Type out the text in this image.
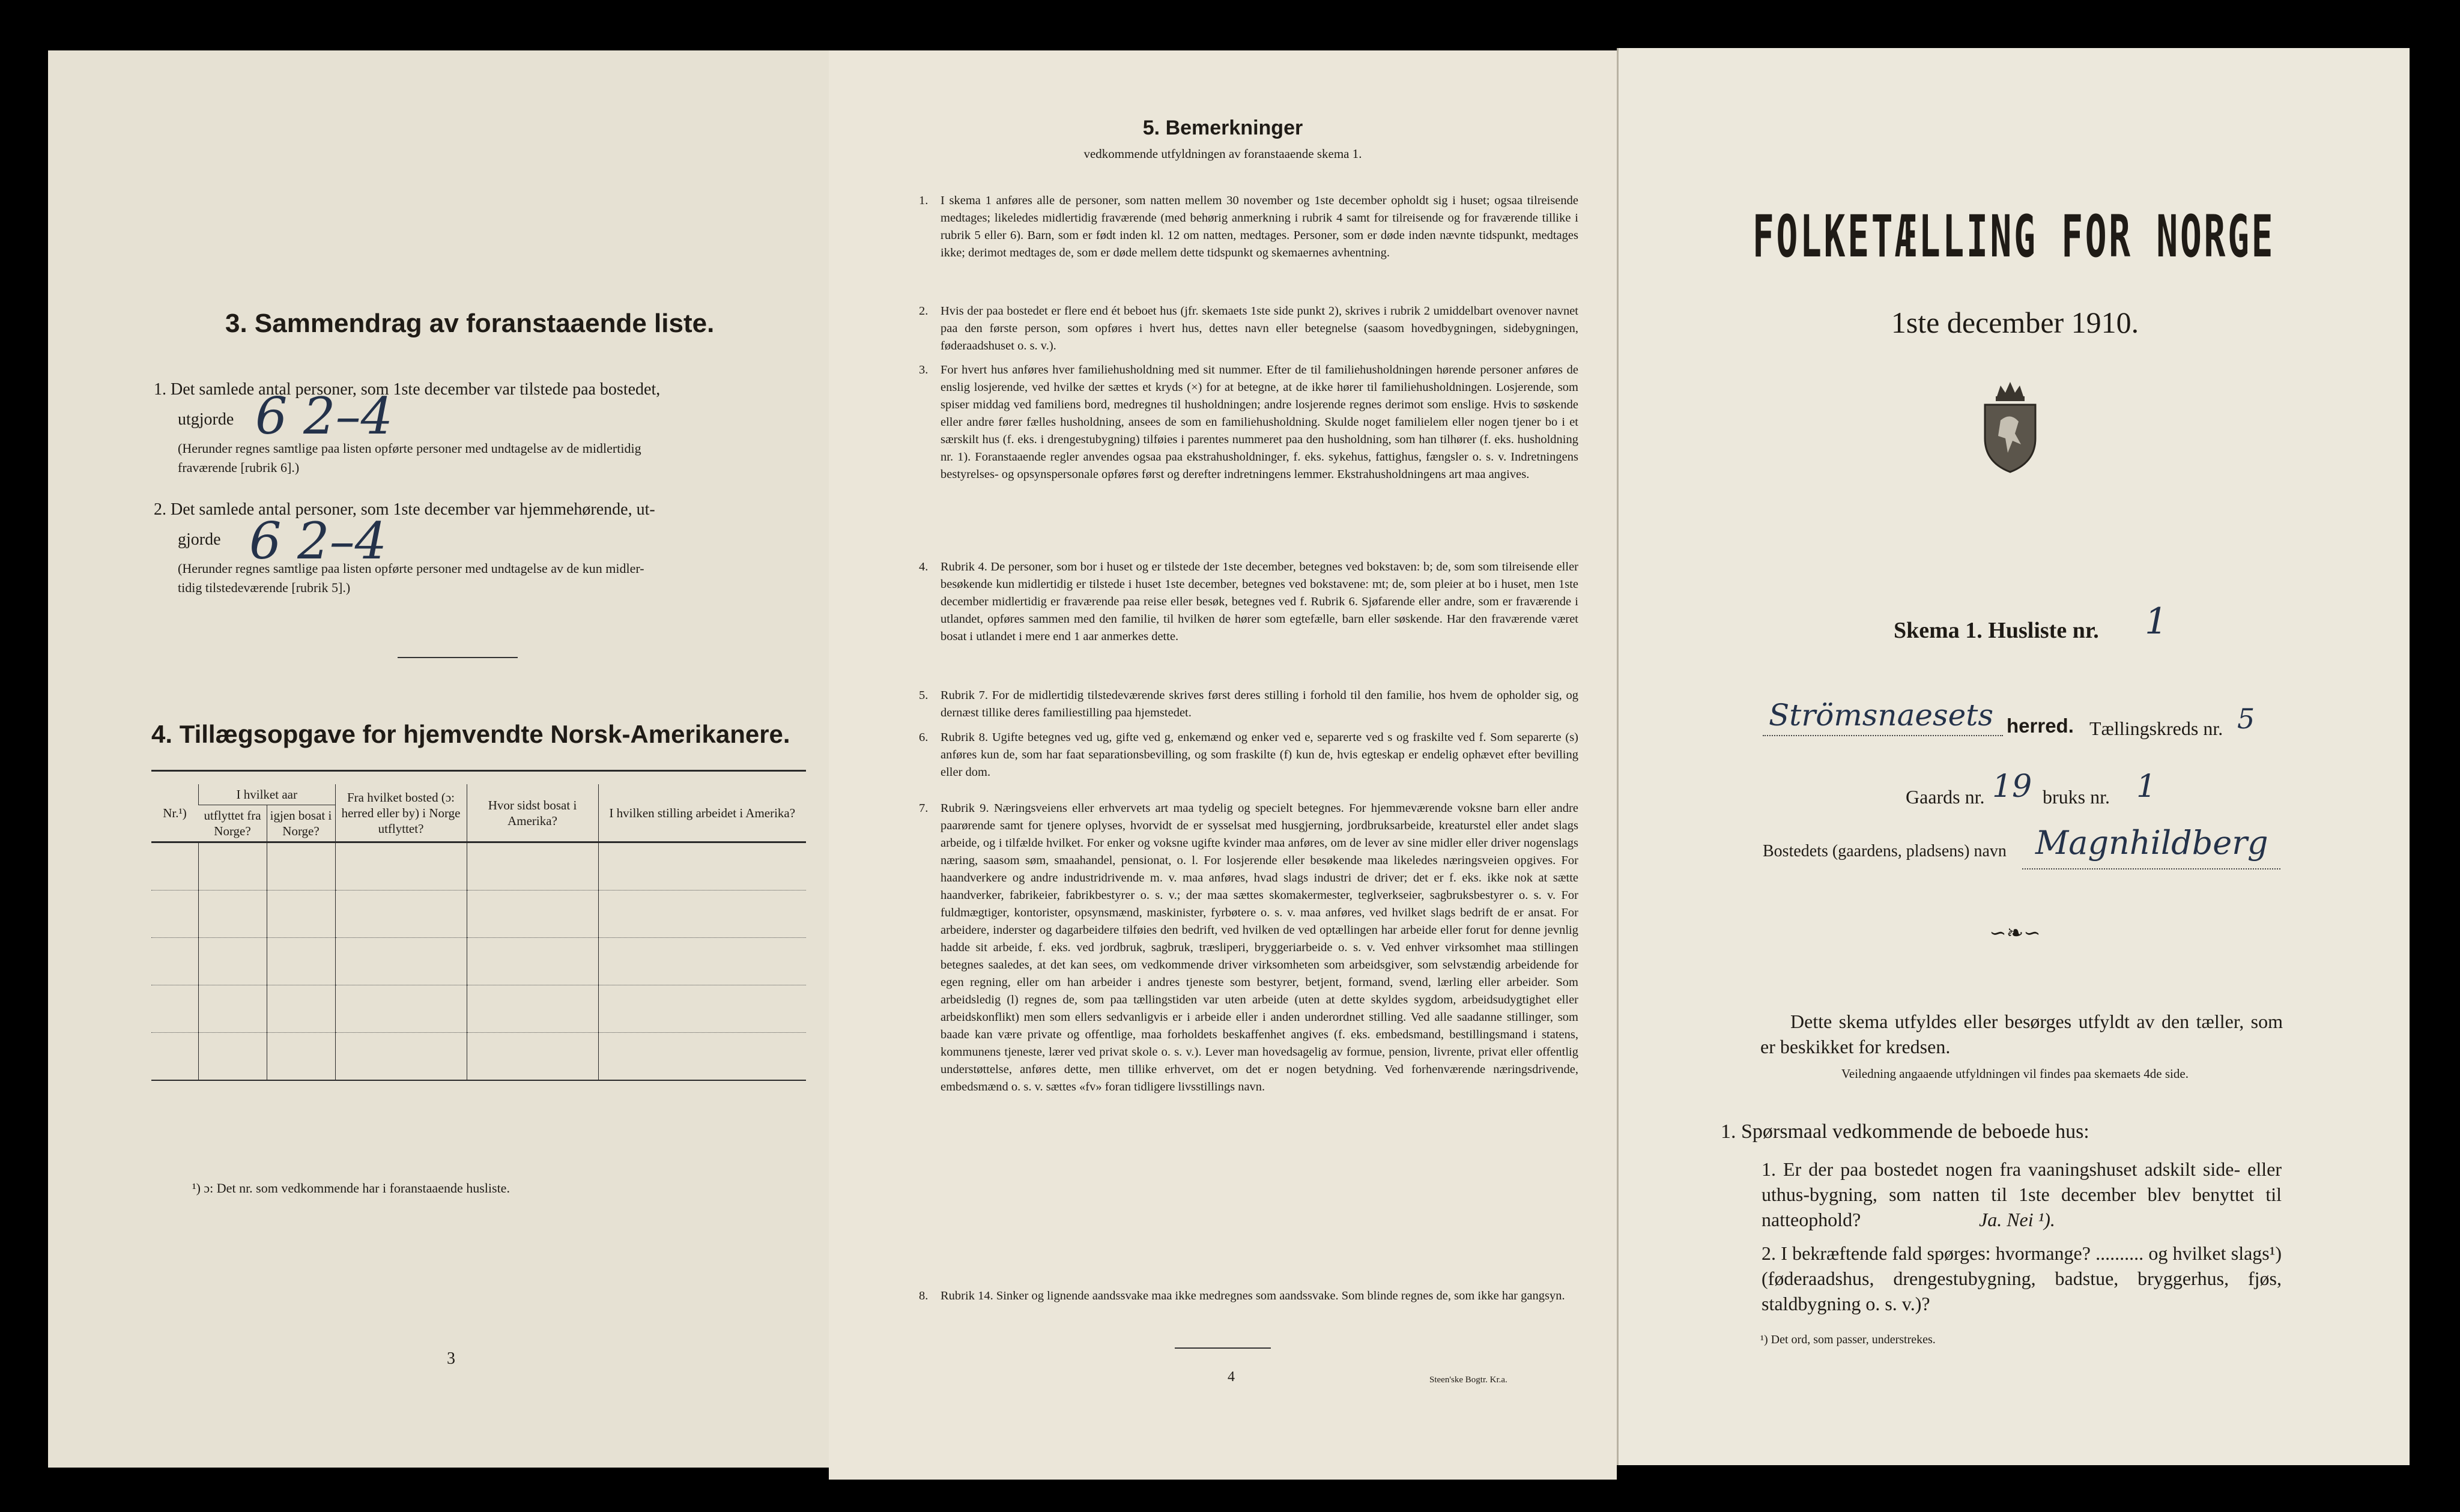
3. Sammendrag av foranstaaende liste.
1. Det samlede antal personer, som 1ste december var tilstede paa bostedet,
utgjorde 6 2–4
(Herunder regnes samtlige paa listen opførte personer med undtagelse av de midlertidig
fraværende [rubrik 6].)
2. Det samlede antal personer, som 1ste december var hjemmehørende, ut-
gjorde 6 2–4
(Herunder regnes samtlige paa listen opførte personer med undtagelse av de kun midler-
tidig tilstedeværende [rubrik 5].)
4. Tillægsopgave for hjemvendte Norsk-Amerikanere.
Nr.¹)	I hvilket aar		Fra hvilket bosted (ɔ: herred eller by) i Norge utflyttet?	Hvor sidst bosat i Amerika?	I hvilken stilling arbeidet i Amerika?
	utflyttet fra Norge?	igjen bosat i Norge?			

¹) ɔ: Det nr. som vedkommende har i foranstaaende husliste.
3
5. Bemerkninger
vedkommende utfyldningen av foranstaaende skema 1.
1. I skema 1 anføres alle de personer, som natten mellem 30 november og 1ste december opholdt sig i huset; ogsaa tilreisende medtages; likeledes midlertidig fraværende (med behørig anmerkning i rubrik 4 samt for tilreisende og for fraværende tillike i rubrik 5 eller 6). Barn, som er født inden kl. 12 om natten, medtages. Personer, som er døde inden nævnte tidspunkt, medtages ikke; derimot medtages de, som er døde mellem dette tidspunkt og skemaernes avhentning.
2. Hvis der paa bostedet er flere end ét beboet hus (jfr. skemaets 1ste side punkt 2), skrives i rubrik 2 umiddelbart ovenover navnet paa den første person, som opføres i hvert hus, dettes navn eller betegnelse (saasom hovedbygningen, sidebygningen, føderaadshuset o. s. v.).
3. For hvert hus anføres hver familiehusholdning med sit nummer. Efter de til familiehusholdningen hørende personer anføres de enslig losjerende, ved hvilke der sættes et kryds (×) for at betegne, at de ikke hører til familiehusholdningen. Losjerende, som spiser middag ved familiens bord, medregnes til husholdningen; andre losjerende regnes derimot som enslige. Hvis to søskende eller andre fører fælles husholdning, ansees de som en familiehusholdning. Skulde noget familielem eller nogen tjener bo i et særskilt hus (f. eks. i drengestubygning) tilføies i parentes nummeret paa den husholdning, som han tilhører (f. eks. husholdning nr. 1). Foranstaaende regler anvendes ogsaa paa ekstrahusholdninger, f. eks. sykehus, fattighus, fængsler o. s. v. Indretningens bestyrelses- og opsynspersonale opføres først og derefter indretningens lemmer. Ekstrahusholdningens art maa angives.
4. Rubrik 4. De personer, som bor i huset og er tilstede der 1ste december, betegnes ved bokstaven: b; de, som som tilreisende eller besøkende kun midlertidig er tilstede i huset 1ste december, betegnes ved bokstavene: mt; de, som pleier at bo i huset, men 1ste december midlertidig er fraværende paa reise eller besøk, betegnes ved f. Rubrik 6. Sjøfarende eller andre, som er fraværende i utlandet, opføres sammen med den familie, til hvilken de hører som egtefælle, barn eller søskende. Har den fraværende været bosat i utlandet i mere end 1 aar anmerkes dette.
5. Rubrik 7. For de midlertidig tilstedeværende skrives først deres stilling i forhold til den familie, hos hvem de opholder sig, og dernæst tillike deres familiestilling paa hjemstedet.
6. Rubrik 8. Ugifte betegnes ved ug, gifte ved g, enkemænd og enker ved e, separerte ved s og fraskilte ved f. Som separerte (s) anføres kun de, som har faat separationsbevilling, og som fraskilte (f) kun de, hvis egteskap er endelig ophævet efter bevilling eller dom.
7. Rubrik 9. Næringsveiens eller erhvervets art maa tydelig og specielt betegnes. For hjemmeværende voksne barn eller andre paarørende samt for tjenere oplyses, hvorvidt de er sysselsat med husgjerning, jordbruksarbeide, kreaturstel eller andet slags arbeide, og i tilfælde hvilket. For enker og voksne ugifte kvinder maa anføres, om de lever av sine midler eller driver nogenslags næring, saasom søm, smaahandel, pensionat, o. l. For losjerende eller besøkende maa likeledes næringsveien opgives. For haandverkere og andre industridrivende m. v. maa anføres, hvad slags industri de driver; det er f. eks. ikke nok at sætte haandverker, fabrikeier, fabrikbestyrer o. s. v.; der maa sættes skomakermester, teglverkseier, sagbruksbestyrer o. s. v. For fuldmægtiger, kontorister, opsynsmænd, maskinister, fyrbøtere o. s. v. maa anføres, ved hvilket slags bedrift de er ansat. For arbeidere, inderster og dagarbeidere tilføies den bedrift, ved hvilken de ved optællingen har arbeide eller forut for denne jevnlig hadde sit arbeide, f. eks. ved jordbruk, sagbruk, træsliperi, bryggeriarbeide o. s. v. Ved enhver virksomhet maa stillingen betegnes saaledes, at det kan sees, om vedkommende driver virksomheten som arbeidsgiver, som selvstændig arbeidende for egen regning, eller om han arbeider i andres tjeneste som bestyrer, betjent, formand, svend, lærling eller arbeider. Som arbeidsledig (l) regnes de, som paa tællingstiden var uten arbeide (uten at dette skyldes sygdom, arbeidsudygtighet eller arbeidskonflikt) men som ellers sedvanligvis er i arbeide eller i anden underordnet stilling. Ved alle saadanne stillinger, som baade kan være private og offentlige, maa forholdets beskaffenhet angives (f. eks. embedsmand, bestillingsmand i statens, kommunens tjeneste, lærer ved privat skole o. s. v.). Lever man hovedsagelig av formue, pension, livrente, privat eller offentlig understøttelse, anføres dette, men tillike erhvervet, om det er nogen betydning. Ved forhenværende næringsdrivende, embedsmænd o. s. v. sættes «fv» foran tidligere livsstillings navn.
8. Rubrik 14. Sinker og lignende aandssvake maa ikke medregnes som aandssvake. Som blinde regnes de, som ikke har gangsyn.
4	Steen'ske Bogtr. Kr.a.
FOLKETÆLLING FOR NORGE
1ste december 1910.
Skema 1. Husliste nr. 1
Strömsnaesets herred. Tællingskreds nr. 5
Gaards nr. 19 bruks nr. 1
Bostedets (gaardens, pladsens) navn Magnhildberg
∽❧∽
Dette skema utfyldes eller besørges utfyldt av den tæller, som er beskikket for kredsen.
Veiledning angaaende utfyldningen vil findes paa skemaets 4de side.
1. Spørsmaal vedkommende de beboede hus:
1. Er der paa bostedet nogen fra vaaningshuset adskilt side- eller uthus-bygning, som natten til 1ste december blev benyttet til natteophold?	Ja. Nei ¹).
2. I bekræftende fald spørges: hvormange? .......... og hvilket slags¹) (føderaadshus, drengestubygning, badstue, bryggerhus, fjøs, staldbygning o. s. v.)?
¹) Det ord, som passer, understrekes.
